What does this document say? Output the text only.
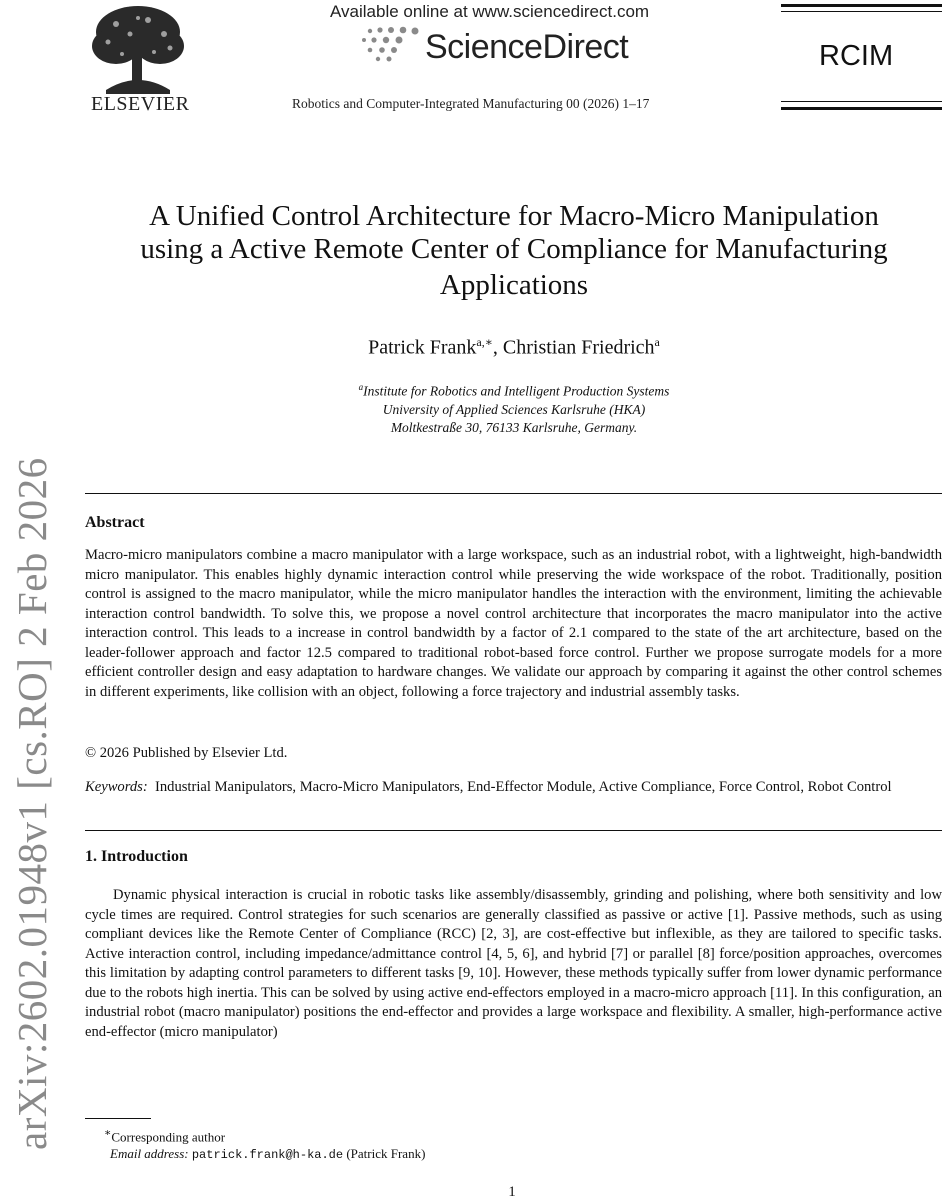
arXiv:2602.01948v1 [cs.RO] 2 Feb 2026
ELSEVIER
Available online at www.sciencedirect.com
ScienceDirect
Robotics and Computer-Integrated Manufacturing 00 (2026) 1–17
RCIM
A Unified Control Architecture for Macro-Micro Manipulation
using a Active Remote Center of Compliance for Manufacturing
Applications
Patrick Frank$^{a,∗}$, Christian Friedrich$^a$
$^a$Institute for Robotics and Intelligent Production Systems
University of Applied Sciences Karlsruhe (HKA)
Moltkestraße 30, 76133 Karlsruhe, Germany.
Abstract
Macro-micro manipulators combine a macro manipulator with a large workspace, such as an industrial robot, with a lightweight, high-bandwidth micro manipulator. This enables highly dynamic interaction control while preserving the wide workspace of the robot. Traditionally, position control is assigned to the macro manipulator, while the micro manipulator handles the interaction with the environment, limiting the achievable interaction control bandwidth. To solve this, we propose a novel control architecture that incorporates the macro manipulator into the active interaction control. This leads to a increase in control bandwidth by a factor of 2.1 compared to the state of the art architecture, based on the leader-follower approach and factor 12.5 compared to traditional robot-based force control. Further we propose surrogate models for a more efficient controller design and easy adaptation to hardware changes. We validate our approach by comparing it against the other control schemes in different experiments, like collision with an object, following a force trajectory and industrial assembly tasks.
© 2026 Published by Elsevier Ltd.
Keywords: Industrial Manipulators, Macro-Micro Manipulators, End-Effector Module, Active Compliance, Force Control, Robot Control
1. Introduction

Dynamic physical interaction is crucial in robotic tasks like assembly/disassembly, grinding and polishing, where both sensitivity and low cycle times are required. Control strategies for such scenarios are generally classified as passive or active [1]. Passive methods, such as using compliant devices like the Remote Center of Compliance (RCC) [2, 3], are cost-effective but inflexible, as they are tailored to specific tasks. Active interaction control, including impedance/admittance control [4, 5, 6], and hybrid [7] or parallel [8] force/position approaches, overcomes this limitation by adapting control parameters to different tasks [9, 10]. However, these methods typically suffer from lower dynamic performance due to the robots high inertia. This can be solved by using active end-effectors employed in a macro-micro approach [11]. In this configuration, an industrial robot (macro manipulator) positions the end-effector and provides a large workspace and flexibility. A smaller, high-performance active end-effector (micro manipulator)

∗Corresponding author
Email address: patrick.frank@h-ka.de (Patrick Frank)
1
